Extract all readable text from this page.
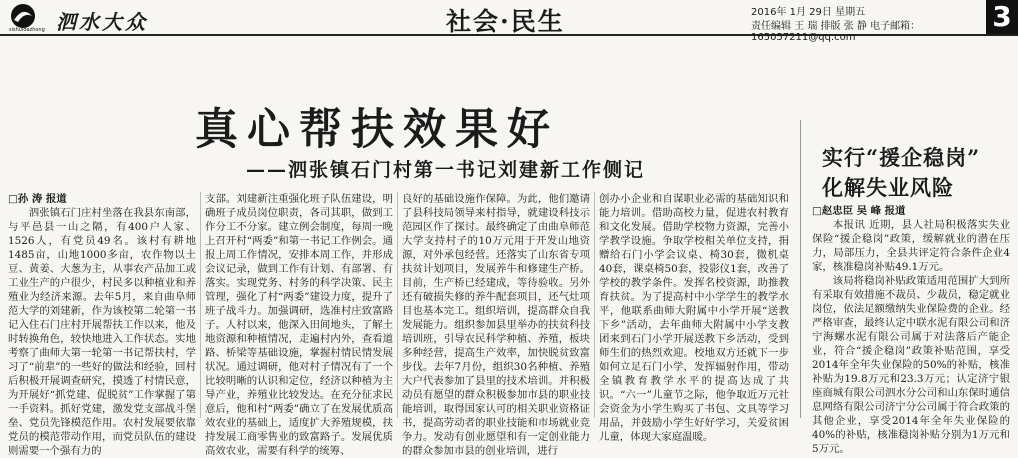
sishuidazhong 泗水大众	社会·民生	2016年 1月 29日 星期五
责任编辑 王 瑞 排版 张 静 电子邮箱：165057211@qq.com
3
真心帮扶效果好
——泗张镇石门村第一书记刘建新工作侧记

□孙 涛 报道

泗张镇石门庄村坐落在我县东南部，与平邑县一山之隔，有400户人家、1526人，有党员49名。该村有耕地1485亩，山地1000多亩，农作物以土豆、黄姜、大葱为主，从事农产品加工或工业生产的户很少，村民多以种植业和养殖业为经济来源。去年5月，来自曲阜师范大学的刘建新，作为该校第二轮第一书记入住石门庄村开展帮扶工作以来，他及时转换角色，较快地进入工作状态。实地考察了曲师大第一轮第一书记帮扶村，学习了“前辈”的一些好的做法和经验，回村后积极开展调查研究，摸透了村情民意，为开展好“抓党建、促脱贫”工作掌握了第一手资料。抓好党建，激发党支部战斗堡垒、党员先锋模范作用。农村发展要依靠党员的模范带动作用，而党员队伍的建设则需要一个强有力的

支部。刘建新注重强化班子队伍建设，明确班子成员岗位职责，各司其职，做到工作分工不分家。建立例会制度，每周一晚上召开村“两委”和第一书记工作例会。通报上周工作情况，安排本周工作，并形成会议记录，做到工作有计划、有部署、有落实。实现党务、村务的科学决策、民主管理，强化了村“两委”建设力度，提升了班子战斗力。加强调研，选准村庄致富路子。人村以来，他深入田间地头，了解土地资源和种植情况，走遍村内外，查看道路、桥梁等基础设施，掌握村情民情发展状况。通过调研，他对村子情况有了一个比较明晰的认识和定位，经济以种植为主导产业，养殖业比较发达。在充分征求民意后，他和村“两委”确立了在发展优质高效农业的基础上，适度扩大养殖规模，扶持发展工商零售业的致富路子。发展优质高效农业，需要有科学的统筹、

良好的基础设施作保障。为此，他们邀请了县科技局领导来村指导，就建设科技示范园区作了探讨。最终确定了由曲阜师范大学支持村子的10万元用于开发山地资源，对外承包经营。还落实了山东省专项扶贫计划项目，发展养牛和修建生产桥。目前，生产桥已经建成，等待验收。另外还有破损失修的养牛配套项目，还气灶项目也基本完工。组织培训，提高群众自我发展能力。组织参加县里举办的扶贫科技培训班，引导农民科学种植、养殖，板块多种经营，提高生产效率，加快脱贫致富步伐。去年7月份，组织30名种植、养殖大户代表参加了县里的技术培训。并积极动员有愿望的群众积极参加市县的职业技能培训，取得国家认可的相关职业资格证书，提高劳动者的职业技能和市场就业竞争力。发动有创业愿望和有一定创业能力的群众参加市县的创业培训，进行

创办小企业和自谋职业必需的基础知识和能力培训。借助高校力量，促进农村教育和文化发展。借助学校物力资源，完善小学教学设施。争取学校相关单位支持，捐赠给石门小学会议桌、椅30套，微机桌40套，课桌椅50套，投影仪1套，改善了学校的教学条件。发挥名校资源，助推教育扶贫。为了提高村中小学学生的教学水平，他联系曲师大附属中小学开展“送教下乡”活动，去年曲师大附属中小学支教团来到石门小学开展送教下乡活动，受到师生们的热烈欢迎。校地双方还就下一步如何立足石门小学，发挥辐射作用，带动全镇教育教学水平的提高达成了共识。“六一”儿童节之际，他争取近万元社会资金为小学生购买了书包、文具等学习用品，并鼓励小学生好好学习，关爱贫困儿童，体现大家庭温暖。

实行“援企稳岗”
化解失业风险

□赵忠臣 吴 峰 报道

本报讯 近期，县人社局积极落实失业保险“援企稳岗”政策，缓解就业的潜在压力，局部压力，全县共评定符合条件企业4家，核准稳岗补贴49.1万元。

该局将稳岗补贴政策适用范围扩大到所有采取有效措施不裁员、少裁员，稳定就业岗位，依法足额缴纳失业保险费的企业。经严格审查，最终认定中联水泥有限公司和济宁海螺水泥有限公司属于对法落后产能企业，符合“援企稳岗”政策补贴范围，享受2014年全年失业保险的50%的补贴，核准补贴为19.8万元和23.3万元；认定济宁银座商城有限公司泗水分公司和山东保时通信息网络有限公司济宁分公司属于符合政策的其他企业，享受2014年全年失业保险的40%的补贴，核准稳岗补贴分别为1万元和5万元。
